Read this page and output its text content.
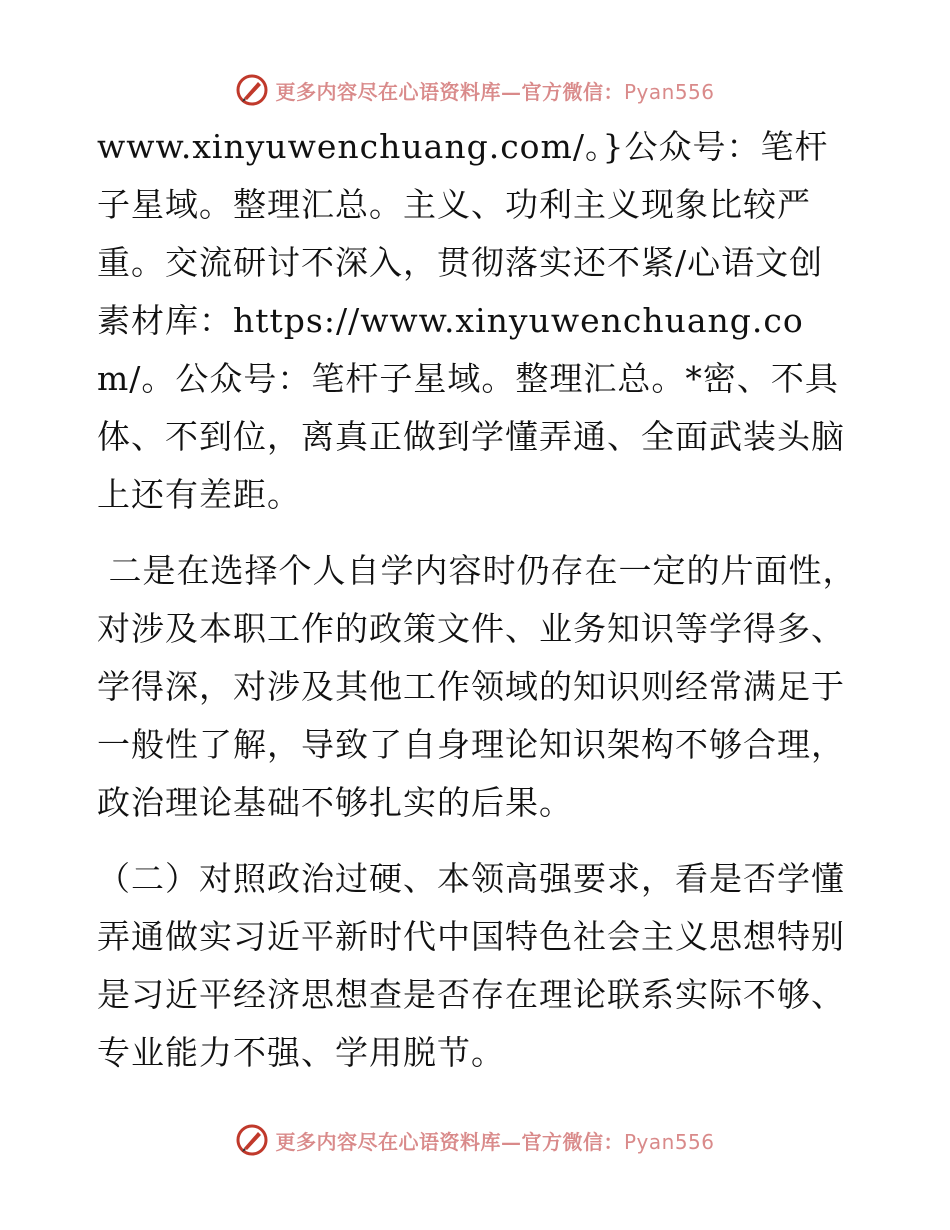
更多内容尽在心语资料库—官方微信：Pyan556

www.xinyuwenchuang.com/。}公众号：笔杆子星域。整理汇总。主义、功利主义现象比较严重。交流研讨不深入，贯彻落实还不紧/心语文创素材库：https://www.xinyuwenchuang.com/。公众号：笔杆子星域。整理汇总。*密、不具体、不到位，离真正做到学懂弄通、全面武装头脑上还有差距。

二是在选择个人自学内容时仍存在一定的片面性，对涉及本职工作的政策文件、业务知识等学得多、学得深，对涉及其他工作领域的知识则经常满足于一般性了解，导致了自身理论知识架构不够合理，政治理论基础不够扎实的后果。

（二）对照政治过硬、本领高强要求，看是否学懂弄通做实习近平新时代中国特色社会主义思想特别是习近平经济思想查是否存在理论联系实际不够、专业能力不强、学用脱节。

更多内容尽在心语资料库—官方微信：Pyan556
